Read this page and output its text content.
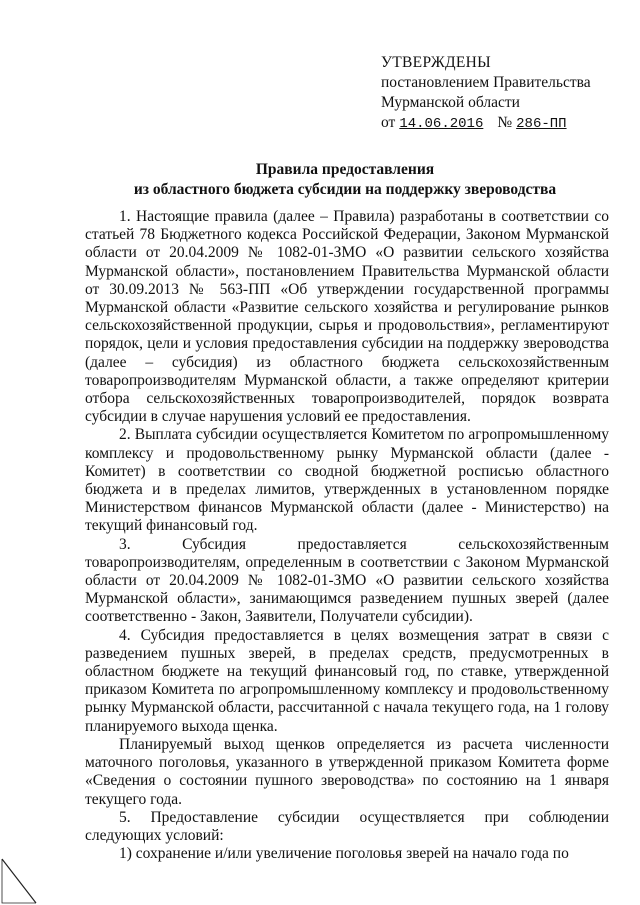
УТВЕРЖДЕНЫ
постановлением Правительства
Мурманской области
от 14.06.2016 № 286-ПП
Правила предоставления
из областного бюджета субсидии на поддержку звероводства

1. Настоящие правила (далее – Правила) разработаны в соответствии со статьей 78 Бюджетного кодекса Российской Федерации, Законом Мурманской области от 20.04.2009 № 1082-01-ЗМО «О развитии сельского хозяйства Мурманской области», постановлением Правительства Мурманской области от 30.09.2013 № 563-ПП «Об утверждении государственной программы Мурманской области «Развитие сельского хозяйства и регулирование рынков сельскохозяйственной продукции, сырья и продовольствия», регламентируют порядок, цели и условия предоставления субсидии на поддержку звероводства (далее – субсидия) из областного бюджета сельскохозяйственным товаропроизводителям Мурманской области, а также определяют критерии отбора сельскохозяйственных товаропроизводителей, порядок возврата субсидии в случае нарушения условий ее предоставления.

2. Выплата субсидии осуществляется Комитетом по агропромышленному комплексу и продовольственному рынку Мурманской области (далее - Комитет) в соответствии со сводной бюджетной росписью областного бюджета и в пределах лимитов, утвержденных в установленном порядке Министерством финансов Мурманской области (далее - Министерство) на текущий финансовый год.

3. Субсидия предоставляется сельскохозяйственным товаропроизводителям, определенным в соответствии с Законом Мурманской области от 20.04.2009 № 1082-01-ЗМО «О развитии сельского хозяйства Мурманской области», занимающимся разведением пушных зверей (далее соответственно - Закон, Заявители, Получатели субсидии).

4. Субсидия предоставляется в целях возмещения затрат в связи с разведением пушных зверей, в пределах средств, предусмотренных в областном бюджете на текущий финансовый год, по ставке, утвержденной приказом Комитета по агропромышленному комплексу и продовольственному рынку Мурманской области, рассчитанной с начала текущего года, на 1 голову планируемого выхода щенка.

Планируемый выход щенков определяется из расчета численности маточного поголовья, указанного в утвержденной приказом Комитета форме «Сведения о состоянии пушного звероводства» по состоянию на 1 января текущего года.

5. Предоставление субсидии осуществляется при соблюдении следующих условий:

1) сохранение и/или увеличение поголовья зверей на начало года по
